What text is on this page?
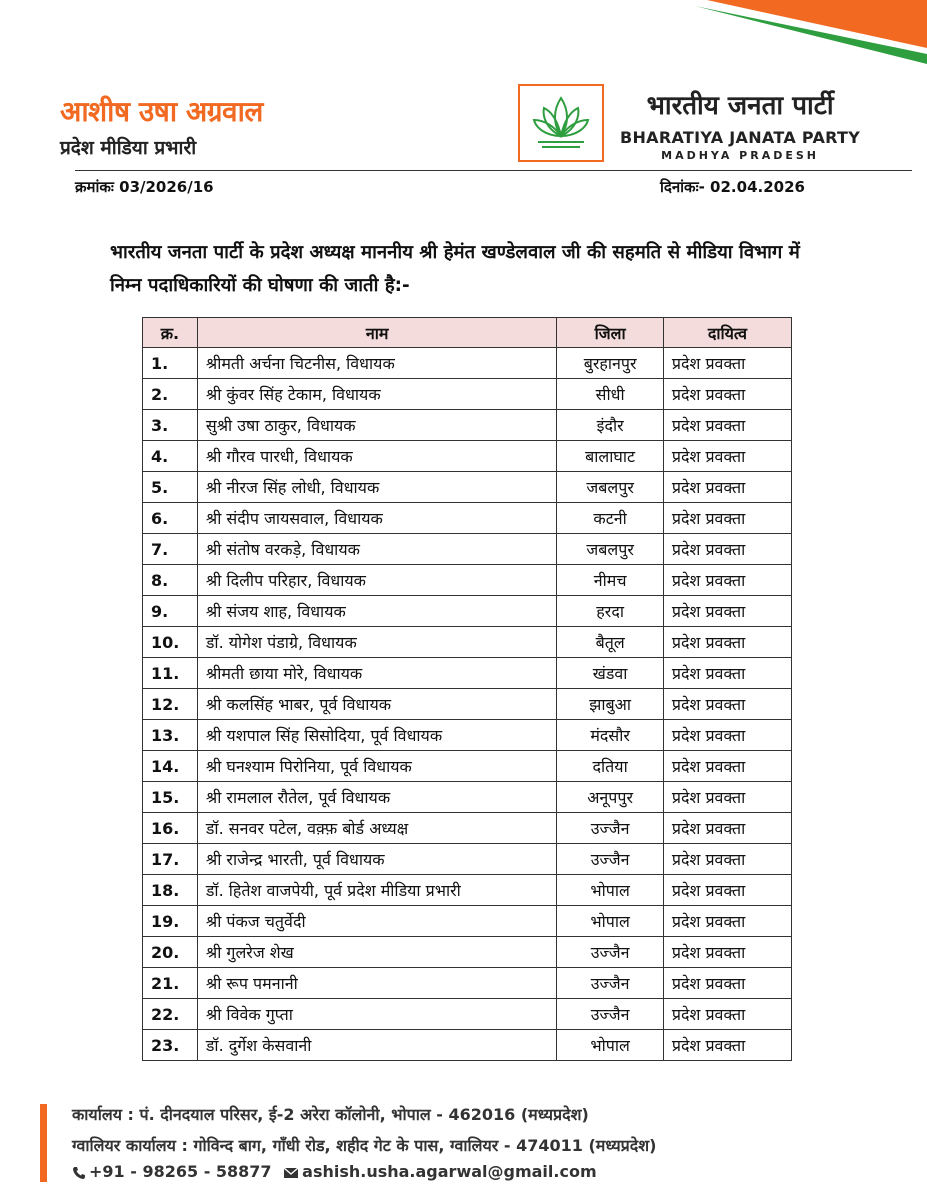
आशीष उषा अग्रवाल
प्रदेश मीडिया प्रभारी
भारतीय जनता पार्टी
BHARATIYA JANATA PARTY
MADHYA PRADESH
क्रमांकः 03/2026/16	दिनांकः- 02.04.2026
भारतीय जनता पार्टी के प्रदेश अध्यक्ष माननीय श्री हेमंत खण्डेलवाल जी की सहमति से मीडिया विभाग में निम्न पदाधिकारियों की घोषणा की जाती है:-
क्र.	नाम	जिला	दायित्व
1.	श्रीमती अर्चना चिटनीस, विधायक	बुरहानपुर	प्रदेश प्रवक्ता
2.	श्री कुंवर सिंह टेकाम, विधायक	सीधी	प्रदेश प्रवक्ता
3.	सुश्री उषा ठाकुर, विधायक	इंदौर	प्रदेश प्रवक्ता
4.	श्री गौरव पारधी, विधायक	बालाघाट	प्रदेश प्रवक्ता
5.	श्री नीरज सिंह लोधी, विधायक	जबलपुर	प्रदेश प्रवक्ता
6.	श्री संदीप जायसवाल, विधायक	कटनी	प्रदेश प्रवक्ता
7.	श्री संतोष वरकड़े, विधायक	जबलपुर	प्रदेश प्रवक्ता
8.	श्री दिलीप परिहार, विधायक	नीमच	प्रदेश प्रवक्ता
9.	श्री संजय शाह, विधायक	हरदा	प्रदेश प्रवक्ता
10.	डॉ. योगेश पंडाग्रे, विधायक	बैतूल	प्रदेश प्रवक्ता
11.	श्रीमती छाया मोरे, विधायक	खंडवा	प्रदेश प्रवक्ता
12.	श्री कलसिंह भाबर, पूर्व विधायक	झाबुआ	प्रदेश प्रवक्ता
13.	श्री यशपाल सिंह सिसोदिया, पूर्व विधायक	मंदसौर	प्रदेश प्रवक्ता
14.	श्री घनश्याम पिरोनिया, पूर्व विधायक	दतिया	प्रदेश प्रवक्ता
15.	श्री रामलाल रौतेल, पूर्व विधायक	अनूपपुर	प्रदेश प्रवक्ता
16.	डॉ. सनवर पटेल, वक़्फ़ बोर्ड अध्यक्ष	उज्जैन	प्रदेश प्रवक्ता
17.	श्री राजेन्द्र भारती, पूर्व विधायक	उज्जैन	प्रदेश प्रवक्ता
18.	डॉ. हितेश वाजपेयी, पूर्व प्रदेश मीडिया प्रभारी	भोपाल	प्रदेश प्रवक्ता
19.	श्री पंकज चतुर्वेदी	भोपाल	प्रदेश प्रवक्ता
20.	श्री गुलरेज शेख	उज्जैन	प्रदेश प्रवक्ता
21.	श्री रूप पमनानी	उज्जैन	प्रदेश प्रवक्ता
22.	श्री विवेक गुप्ता	उज्जैन	प्रदेश प्रवक्ता
23.	डॉ. दुर्गेश केसवानी	भोपाल	प्रदेश प्रवक्ता
कार्यालय : पं. दीनदयाल परिसर, ई-2 अरेरा कॉलोनी, भोपाल - 462016 (मध्यप्रदेश)
ग्वालियर कार्यालय : गोविन्द बाग, गाँधी रोड, शहीद गेट के पास, ग्वालियर - 474011 (मध्यप्रदेश)
+91 - 98265 - 58877 ashish.usha.agarwal@gmail.com
